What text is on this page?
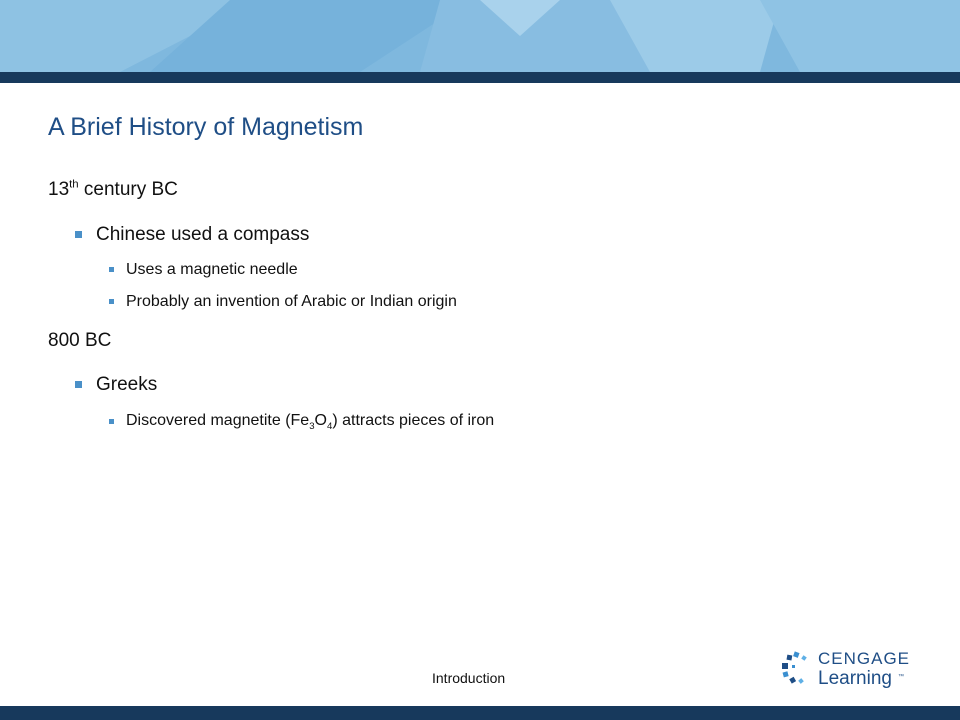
A Brief History of Magnetism
13th century BC
Chinese used a compass
Uses a magnetic needle
Probably an invention of Arabic or Indian origin
800 BC
Greeks
Discovered magnetite $(Fe_3O_4)$ attracts pieces of iron
Introduction
CENGAGE
Learning ™
